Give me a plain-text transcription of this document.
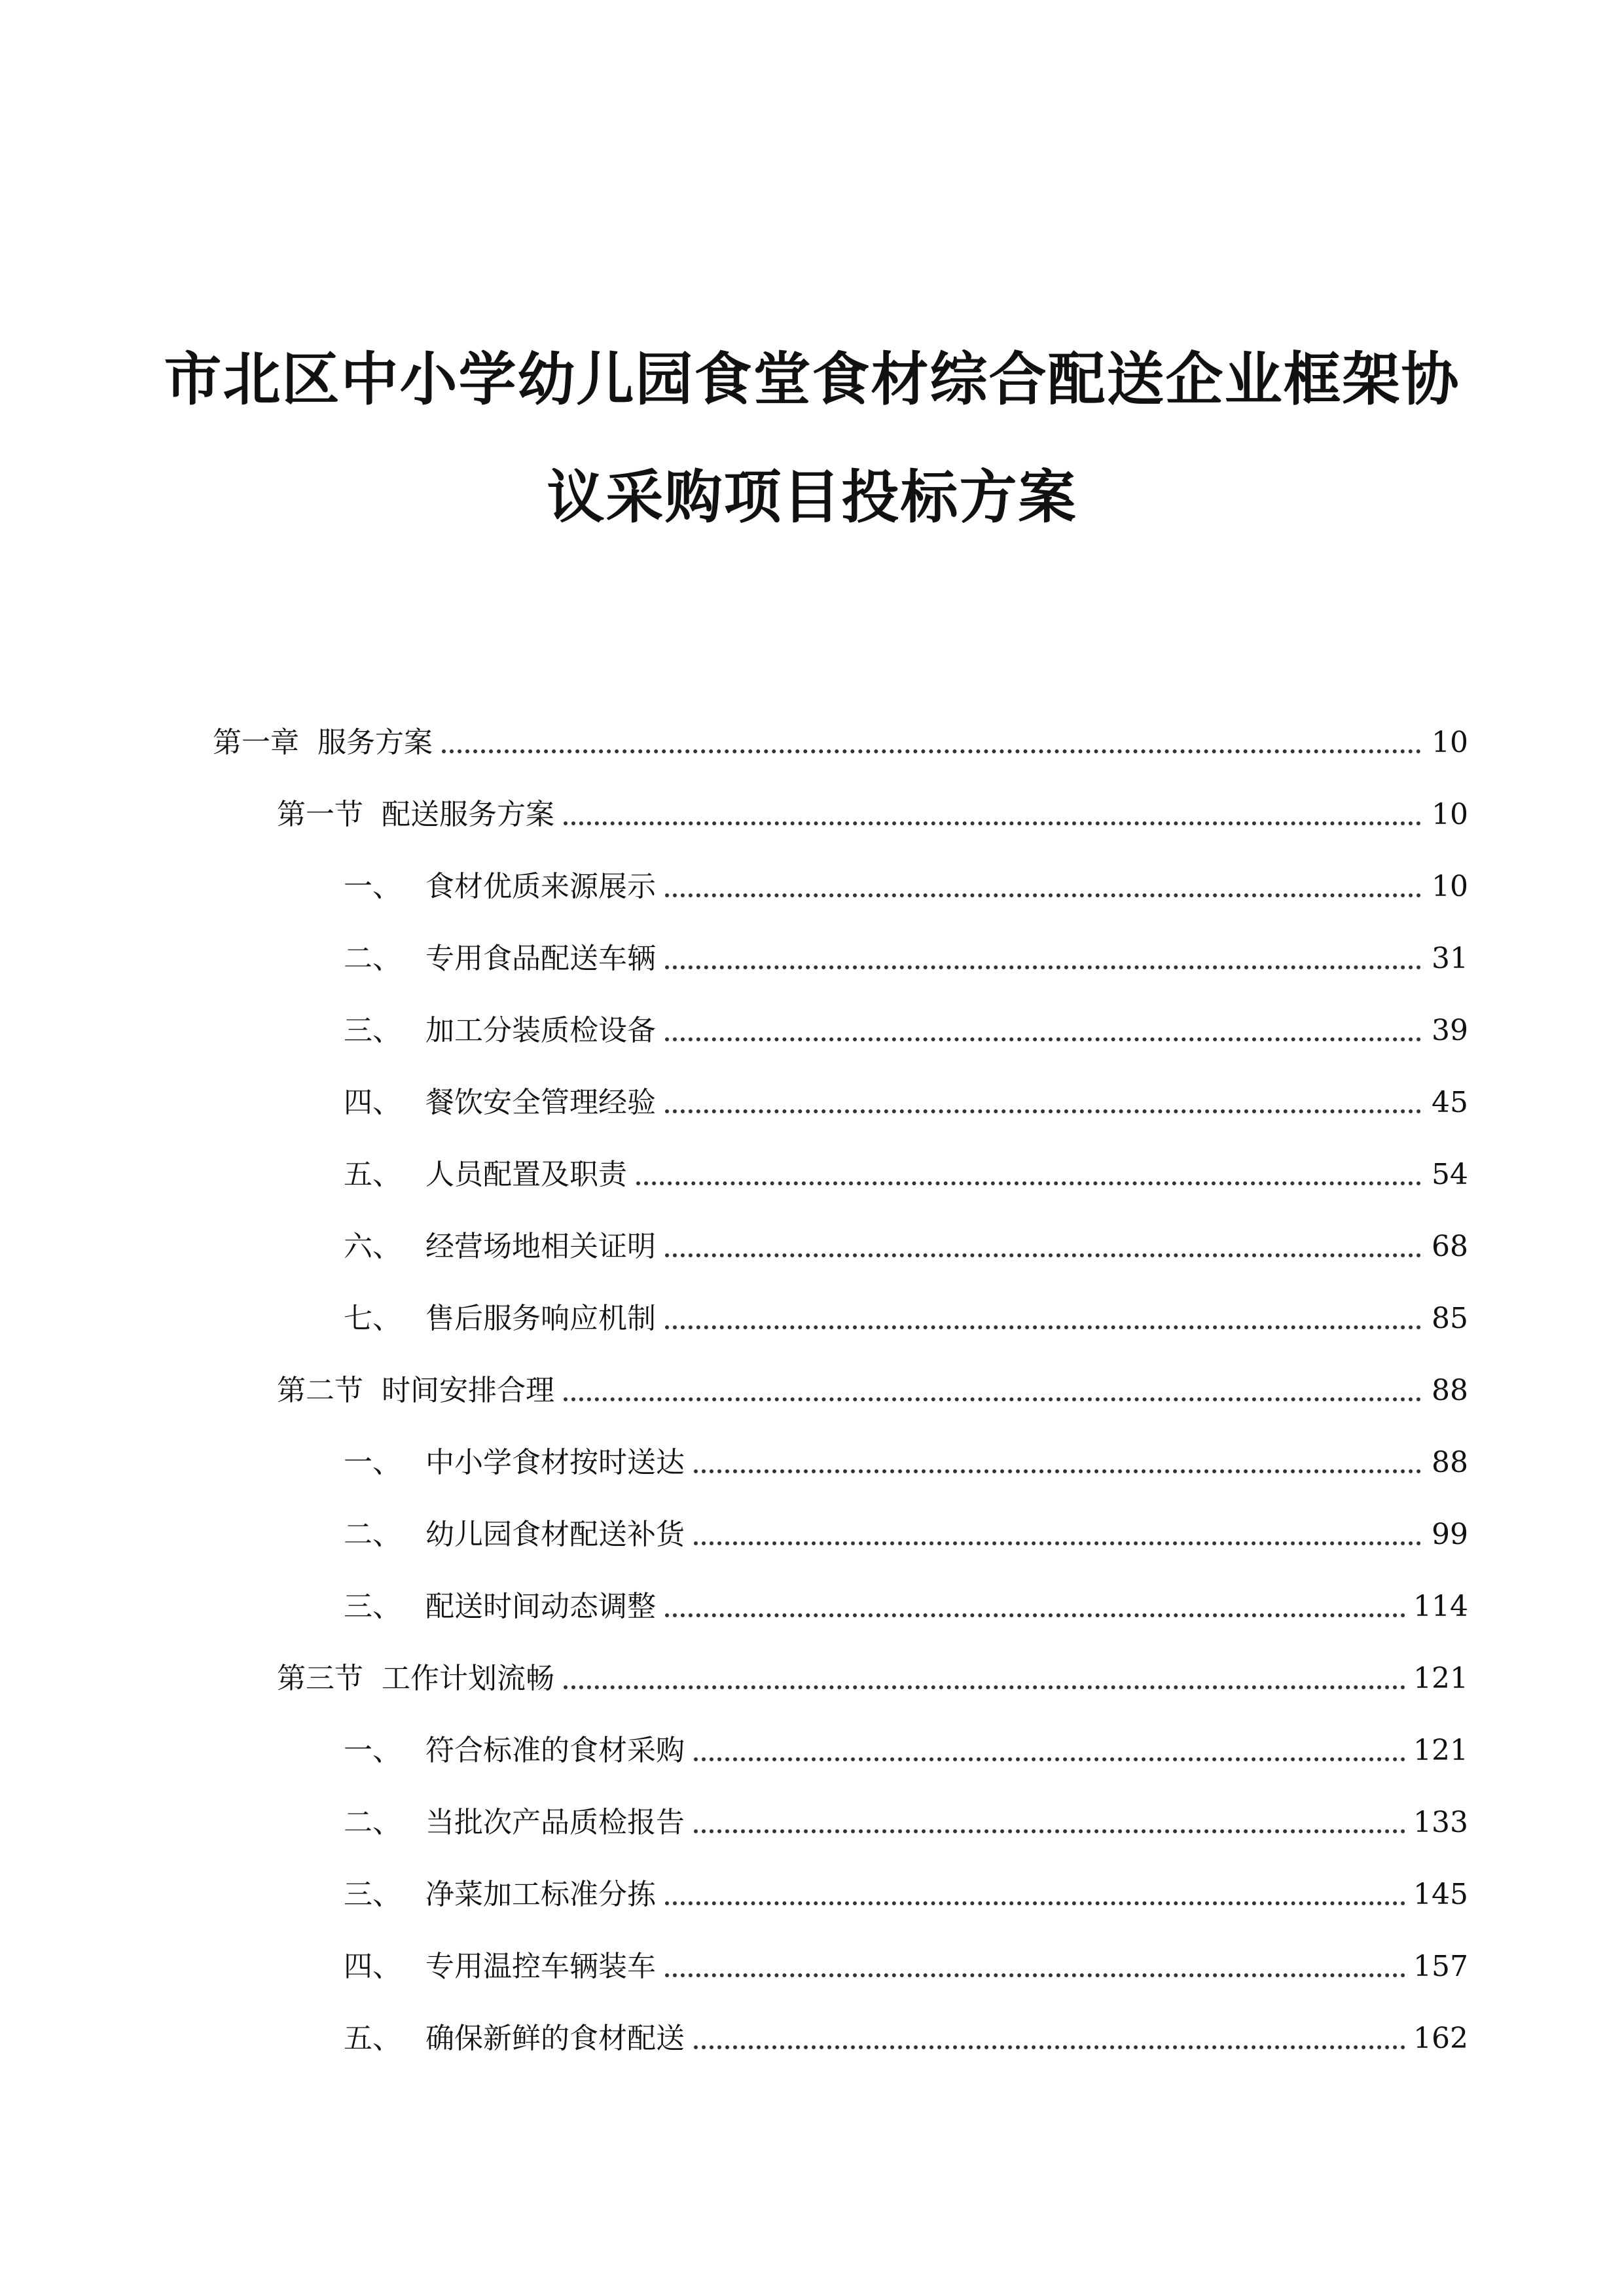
市北区中小学幼儿园食堂食材综合配送企业框架协
议采购项目投标方案
第一章  服务方案	10
第一节  配送服务方案	10
一、 食材优质来源展示	10
二、 专用食品配送车辆	31
三、 加工分装质检设备	39
四、 餐饮安全管理经验	45
五、 人员配置及职责	54
六、 经营场地相关证明	68
七、 售后服务响应机制	85
第二节  时间安排合理	88
一、 中小学食材按时送达	88
二、 幼儿园食材配送补货	99
三、 配送时间动态调整	114
第三节  工作计划流畅	121
一、 符合标准的食材采购	121
二、 当批次产品质检报告	133
三、 净菜加工标准分拣	145
四、 专用温控车辆装车	157
五、 确保新鲜的食材配送	162
